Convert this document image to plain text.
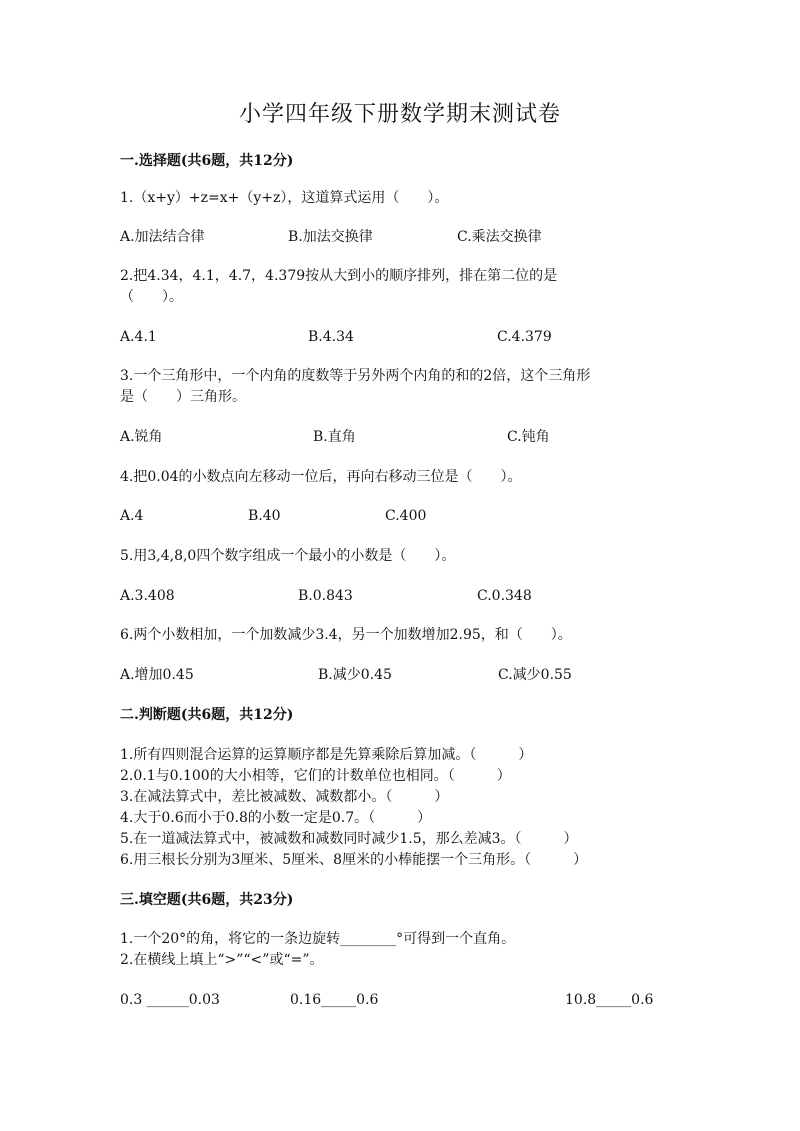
小学四年级下册数学期末测试卷
一.选择题(共6题，共12分)
1.（x+y）+z=x+（y+z），这道算式运用（　　）。
A.加法结合律	B.加法交换律	C.乘法交换律
2.把4.34，4.1，4.7，4.379按从大到小的顺序排列，排在第二位的是
（　　）。
A.4.1	B.4.34	C.4.379
3.一个三角形中，一个内角的度数等于另外两个内角的和的2倍，这个三角形
是（　　）三角形。
A.锐角	B.直角	C.钝角
4.把0.04的小数点向左移动一位后，再向右移动三位是（　　）。
A.4	B.40	C.400
5.用3,4,8,0四个数字组成一个最小的小数是（　　）。
A.3.408	B.0.843	C.0.348
6.两个小数相加，一个加数减少3.4，另一个加数增加2.95，和（　　）。
A.增加0.45	B.减少0.45	C.减少0.55
二.判断题(共6题，共12分)
1.所有四则混合运算的运算顺序都是先算乘除后算加减。（　　　）
2.0.1与0.100的大小相等，它们的计数单位也相同。（　　　）
3.在减法算式中，差比被减数、减数都小。（　　　）
4.大于0.6而小于0.8的小数一定是0.7。（　　　）
5.在一道减法算式中，被减数和减数同时减少1.5，那么差减3。（　　　）
6.用三根长分别为3厘米、5厘米、8厘米的小棒能摆一个三角形。（　　　）
三.填空题(共6题，共23分)
1.一个20°的角，将它的一条边旋转________°可得到一个直角。
2.在横线上填上“>”“<”或“=”。
0.3 ______0.03	0.16_____0.6	10.8_____0.6
